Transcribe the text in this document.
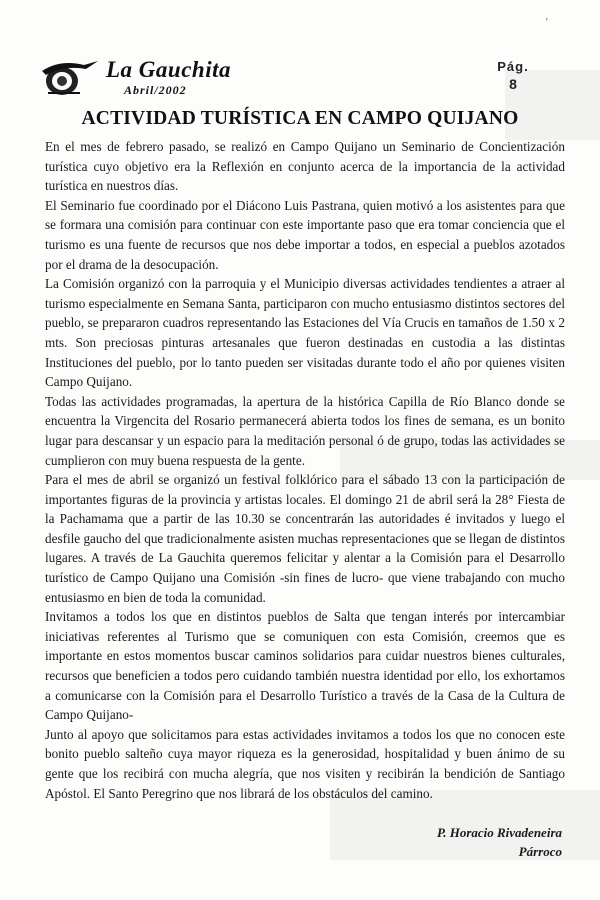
ʼ
La Gauchita
Abril/2002
Pág.
8
ACTIVIDAD TURÍSTICA EN CAMPO QUIJANO

En el mes de febrero pasado, se realizó en Campo Quijano un Seminario de Concientización turística cuyo objetivo era la Reflexión en conjunto acerca de la importancia de la actividad turística en nuestros días.

El Seminario fue coordinado por el Diácono Luis Pastrana, quien motivó a los asistentes para que se formara una comisión para continuar con este importante paso que era tomar conciencia que el turismo es una fuente de recursos que nos debe importar a todos, en especial a pueblos azotados por el drama de la desocupación.

La Comisión organizó con la parroquia y el Municipio diversas actividades tendientes a atraer al turismo especialmente en Semana Santa, participaron con mucho entusiasmo distintos sectores del pueblo, se prepararon cuadros representando las Estaciones del Vía Crucis en tamaños de 1.50 x 2 mts. Son preciosas pinturas artesanales que fueron destinadas en custodia a las distintas Instituciones del pueblo, por lo tanto pueden ser visitadas durante todo el año por quienes visiten Campo Quijano.

Todas las actividades programadas, la apertura de la histórica Capilla de Río Blanco donde se encuentra la Virgencita del Rosario permanecerá abierta todos los fines de semana, es un bonito lugar para descansar y un espacio para la meditación personal ó de grupo, todas las actividades se cumplieron con muy buena respuesta de la gente.

Para el mes de abril se organizó un festival folklórico para el sábado 13 con la participación de importantes figuras de la provincia y artistas locales. El domingo 21 de abril será la 28° Fiesta de la Pachamama que a partir de las 10.30 se concentrarán las autoridades é invitados y luego el desfile gaucho del que tradicionalmente asisten muchas representaciones que se llegan de distintos lugares. A través de La Gauchita queremos felicitar y alentar a la Comisión para el Desarrollo turístico de Campo Quijano una Comisión -sin fines de lucro- que viene trabajando con mucho entusiasmo en bien de toda la comunidad.

Invitamos a todos los que en distintos pueblos de Salta que tengan interés por intercambiar iniciativas referentes al Turismo que se comuniquen con esta Comisión, creemos que es importante en estos momentos buscar caminos solidarios para cuidar nuestros bienes culturales, recursos que beneficien a todos pero cuidando también nuestra identidad por ello, los exhortamos a comunicarse con la Comisión para el Desarrollo Turístico a través de la Casa de la Cultura de Campo Quijano-

Junto al apoyo que solicitamos para estas actividades invitamos a todos los que no conocen este bonito pueblo salteño cuya mayor riqueza es la generosidad, hospitalidad y buen ánimo de su gente que los recibirá con mucha alegría, que nos visiten y recibirán la bendición de Santiago Apóstol. El Santo Peregrino que nos librará de los obstáculos del camino.

P. Horacio Rivadeneira
Párroco
